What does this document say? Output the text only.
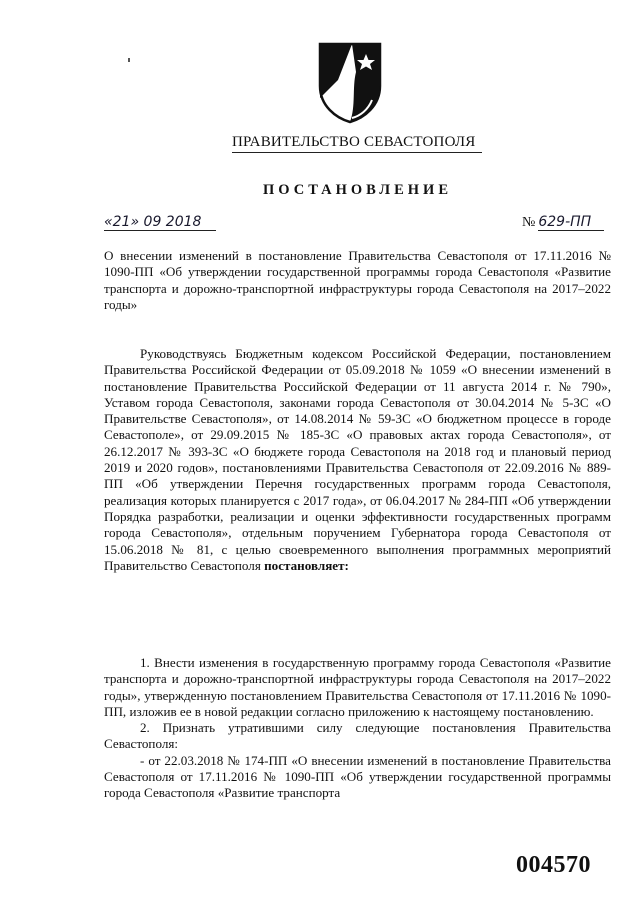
ПРАВИТЕЛЬСТВО СЕВАСТОПОЛЯ
ПОСТАНОВЛЕНИЕ
«21» 09 2018	№ 629-ПП

О внесении изменений в постановление Правительства Севастополя от 17.11.2016 № 1090-ПП «Об утверждении государственной программы города Севастополя «Развитие транспорта и дорожно-транспортной инфраструктуры города Севастополя на 2017–2022 годы»

Руководствуясь Бюджетным кодексом Российской Федерации, постановлением Правительства Российской Федерации от 05.09.2018 № 1059 «О внесении изменений в постановление Правительства Российской Федерации от 11 августа 2014 г. № 790», Уставом города Севастополя, законами города Севастополя от 30.04.2014 № 5-ЗС «О Правительстве Севастополя», от 14.08.2014 № 59-ЗС «О бюджетном процессе в городе Севастополе», от 29.09.2015 № 185-ЗС «О правовых актах города Севастополя», от 26.12.2017 № 393-ЗС «О бюджете города Севастополя на 2018 год и плановый период 2019 и 2020 годов», постановлениями Правительства Севастополя от 22.09.2016 № 889-ПП «Об утверждении Перечня государственных программ города Севастополя, реализация которых планируется с 2017 года», от 06.04.2017 № 284-ПП «Об утверждении Порядка разработки, реализации и оценки эффективности государственных программ города Севастополя», отдельным поручением Губернатора города Севастополя от 15.06.2018 № 81, с целью своевременного выполнения программных мероприятий Правительство Севастополя постановляет:

1. Внести изменения в государственную программу города Севастополя «Развитие транспорта и дорожно-транспортной инфраструктуры города Севастополя на 2017–2022 годы», утвержденную постановлением Правительства Севастополя от 17.11.2016 № 1090-ПП, изложив ее в новой редакции согласно приложению к настоящему постановлению.

2. Признать утратившими силу следующие постановления Правительства Севастополя:

- от 22.03.2018 № 174-ПП «О внесении изменений в постановление Правительства Севастополя от 17.11.2016 № 1090-ПП «Об утверждении государственной программы города Севастополя «Развитие транспорта

004570
